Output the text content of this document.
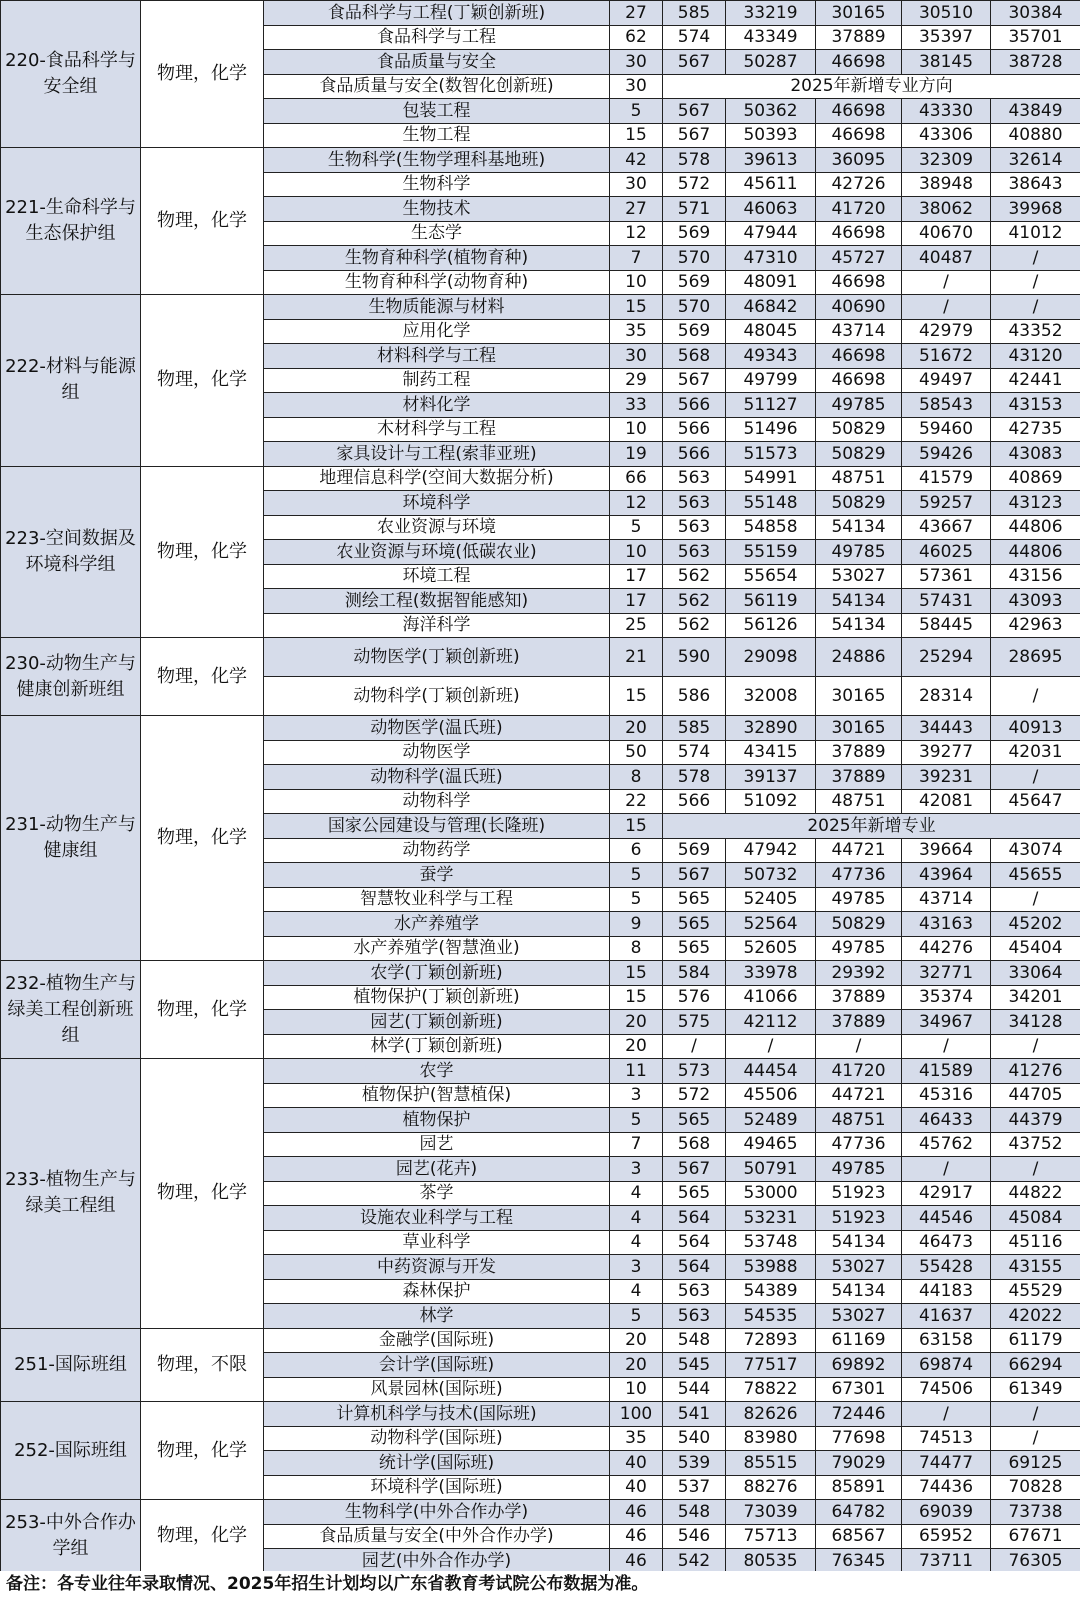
220-食品科学与安全组	物理，化学	食品科学与工程(丁颖创新班)	27	585	33219	30165	30510	30384
		食品科学与工程	62	574	43349	37889	35397	35701
		食品质量与安全	30	567	50287	46698	38145	38728
		食品质量与安全(数智化创新班)	30	2025年新增专业方向				
		包装工程	5	567	50362	46698	43330	43849
		生物工程	15	567	50393	46698	43306	40880
221-生命科学与生态保护组	物理，化学	生物科学(生物学理科基地班)	42	578	39613	36095	32309	32614
		生物科学	30	572	45611	42726	38948	38643
		生物技术	27	571	46063	41720	38062	39968
		生态学	12	569	47944	46698	40670	41012
		生物育种科学(植物育种)	7	570	47310	45727	40487	/
		生物育种科学(动物育种)	10	569	48091	46698	/	/
222-材料与能源组	物理，化学	生物质能源与材料	15	570	46842	40690	/	/
		应用化学	35	569	48045	43714	42979	43352
		材料科学与工程	30	568	49343	46698	51672	43120
		制药工程	29	567	49799	46698	49497	42441
		材料化学	33	566	51127	49785	58543	43153
		木材科学与工程	10	566	51496	50829	59460	42735
		家具设计与工程(索菲亚班)	19	566	51573	50829	59426	43083
223-空间数据及环境科学组	物理，化学	地理信息科学(空间大数据分析)	66	563	54991	48751	41579	40869
		环境科学	12	563	55148	50829	59257	43123
		农业资源与环境	5	563	54858	54134	43667	44806
		农业资源与环境(低碳农业)	10	563	55159	49785	46025	44806
		环境工程	17	562	55654	53027	57361	43156
		测绘工程(数据智能感知)	17	562	56119	54134	57431	43093
		海洋科学	25	562	56126	54134	58445	42963
230-动物生产与健康创新班组	物理，化学	动物医学(丁颖创新班)	21	590	29098	24886	25294	28695
		动物科学(丁颖创新班)	15	586	32008	30165	28314	/
231-动物生产与健康组	物理，化学	动物医学(温氏班)	20	585	32890	30165	34443	40913
		动物医学	50	574	43415	37889	39277	42031
		动物科学(温氏班)	8	578	39137	37889	39231	/
		动物科学	22	566	51092	48751	42081	45647
		国家公园建设与管理(长隆班)	15	2025年新增专业				
		动物药学	6	569	47942	44721	39664	43074
		蚕学	5	567	50732	47736	43964	45655
		智慧牧业科学与工程	5	565	52405	49785	43714	/
		水产养殖学	9	565	52564	50829	43163	45202
		水产养殖学(智慧渔业)	8	565	52605	49785	44276	45404
232-植物生产与绿美工程创新班组	物理，化学	农学(丁颖创新班)	15	584	33978	29392	32771	33064
		植物保护(丁颖创新班)	15	576	41066	37889	35374	34201
		园艺(丁颖创新班)	20	575	42112	37889	34967	34128
		林学(丁颖创新班)	20	/	/	/	/	/
233-植物生产与绿美工程组	物理，化学	农学	11	573	44454	41720	41589	41276
		植物保护(智慧植保)	3	572	45506	44721	45316	44705
		植物保护	5	565	52489	48751	46433	44379
		园艺	7	568	49465	47736	45762	43752
		园艺(花卉)	3	567	50791	49785	/	/
		茶学	4	565	53000	51923	42917	44822
		设施农业科学与工程	4	564	53231	51923	44546	45084
		草业科学	4	564	53748	54134	46473	45116
		中药资源与开发	3	564	53988	53027	55428	43155
		森林保护	4	563	54389	54134	44183	45529
		林学	5	563	54535	53027	41637	42022
251-国际班组	物理，不限	金融学(国际班)	20	548	72893	61169	63158	61179
		会计学(国际班)	20	545	77517	69892	69874	66294
		风景园林(国际班)	10	544	78822	67301	74506	61349
252-国际班组	物理，化学	计算机科学与技术(国际班)	100	541	82626	72446	/	/
		动物科学(国际班)	35	540	83980	77698	74513	/
		统计学(国际班)	40	539	85515	79029	74477	69125
		环境科学(国际班)	40	537	88276	85891	74436	70828
253-中外合作办学组	物理，化学	生物科学(中外合作办学)	46	548	73039	64782	69039	73738
		食品质量与安全(中外合作办学)	46	546	75713	68567	65952	67671
		园艺(中外合作办学)	46	542	80535	76345	73711	76305
备注：各专业往年录取情况、2025年招生计划均以广东省教育考试院公布数据为准。
